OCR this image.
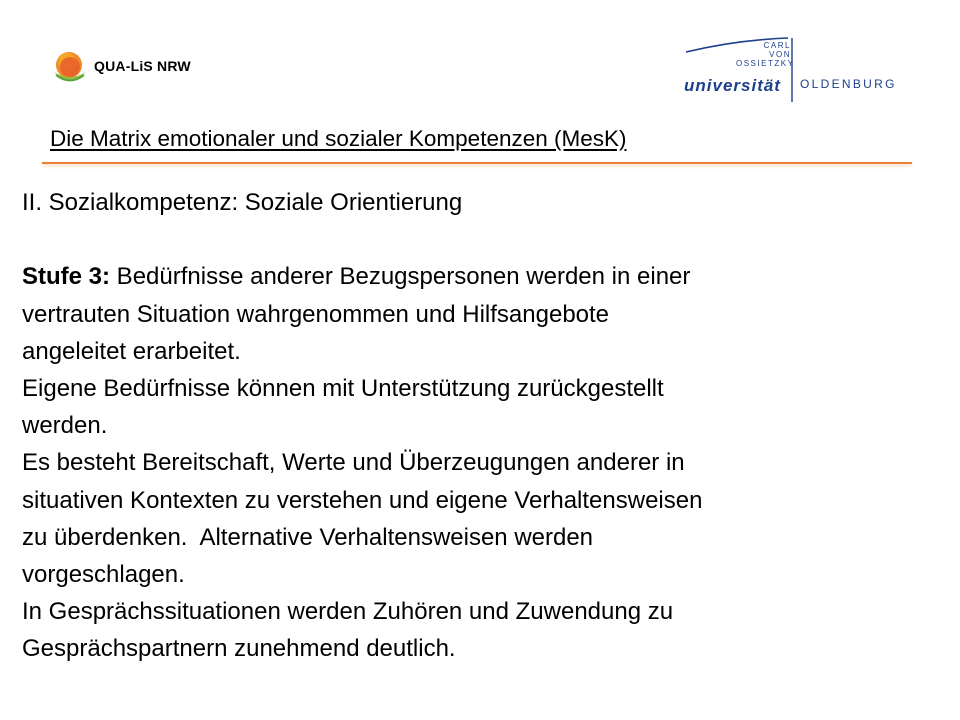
QUA-LiS NRW
CARL
VON
OSSIETZKY
universität OLDENBURG
Die Matrix emotionaler und sozialer Kompetenzen (MesK)
II. Sozialkompetenz: Soziale Orientierung
Stufe 3: Bedürfnisse anderer Bezugspersonen werden in einer
vertrauten Situation wahrgenommen und Hilfsangebote
angeleitet erarbeitet.
Eigene Bedürfnisse können mit Unterstützung zurückgestellt
werden.
Es besteht Bereitschaft, Werte und Überzeugungen anderer in
situativen Kontexten zu verstehen und eigene Verhaltensweisen
zu überdenken.  Alternative Verhaltensweisen werden
vorgeschlagen.
In Gesprächssituationen werden Zuhören und Zuwendung zu
Gesprächspartnern zunehmend deutlich.
